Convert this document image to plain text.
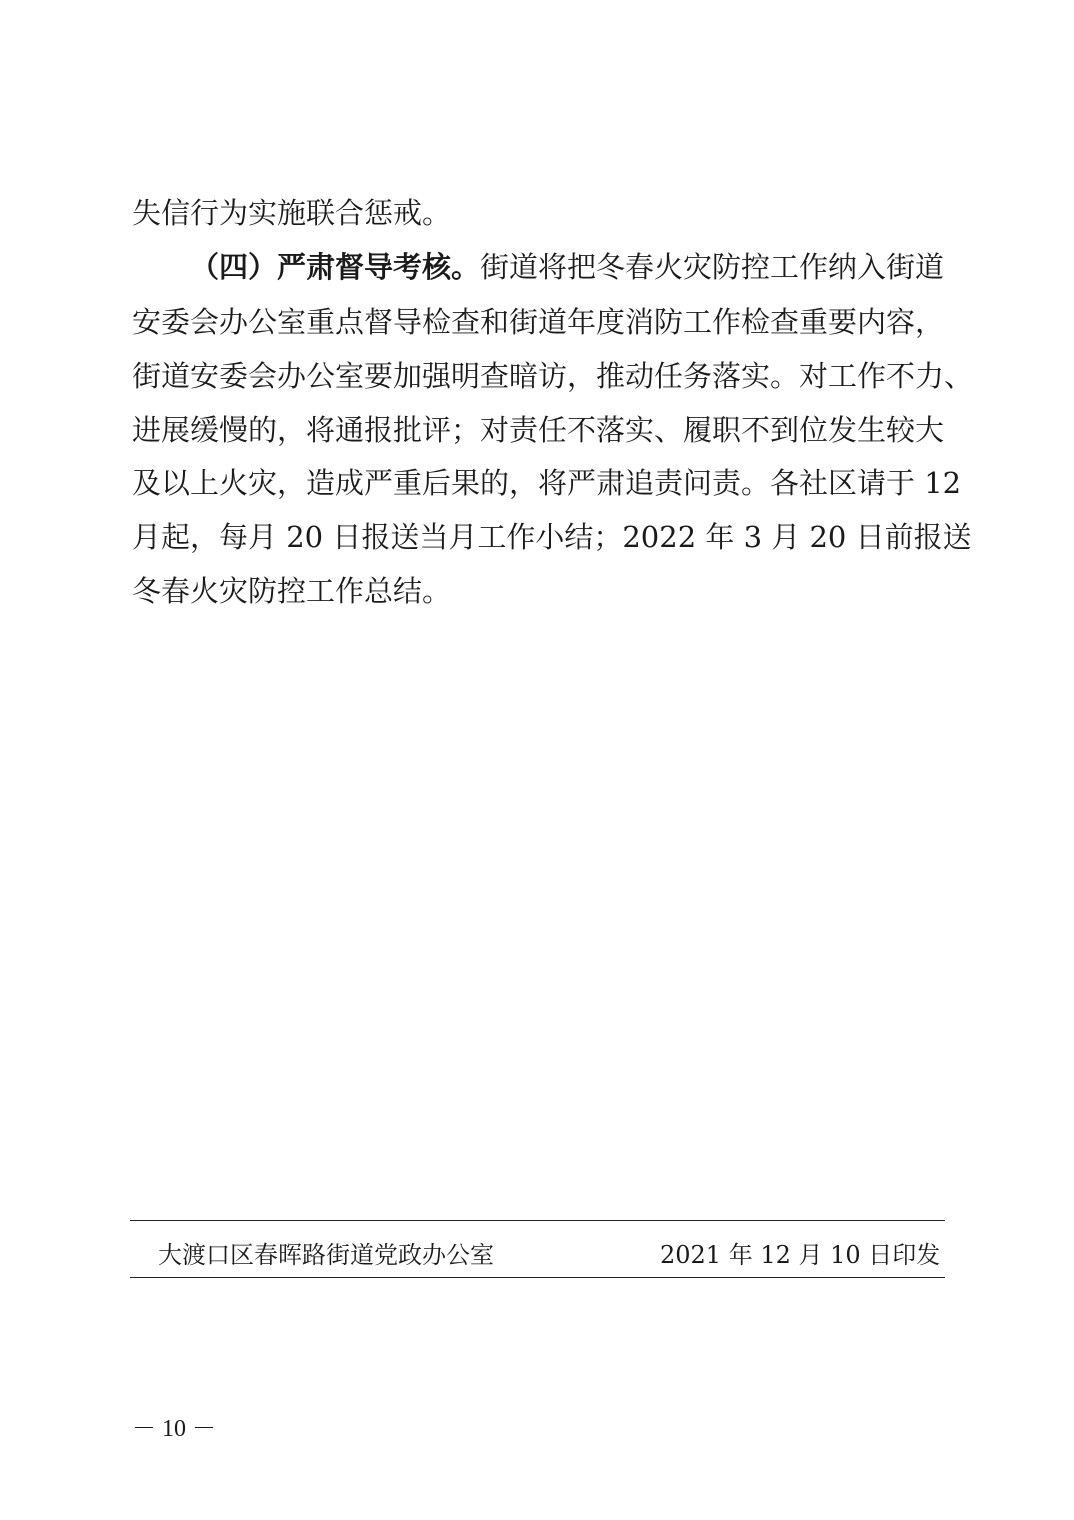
失信行为实施联合惩戒。
（四）严肃督导考核。街道将把冬春火灾防控工作纳入街道
安委会办公室重点督导检查和街道年度消防工作检查重要内容，
街道安委会办公室要加强明查暗访，推动任务落实。对工作不力、
进展缓慢的，将通报批评；对责任不落实、履职不到位发生较大
及以上火灾，造成严重后果的，将严肃追责问责。各社区请于 12
月起，每月 20 日报送当月工作小结；2022 年 3 月 20 日前报送
冬春火灾防控工作总结。
大渡口区春晖路街道党政办公室	2021 年 12 月 10 日印发
－ 10 －
